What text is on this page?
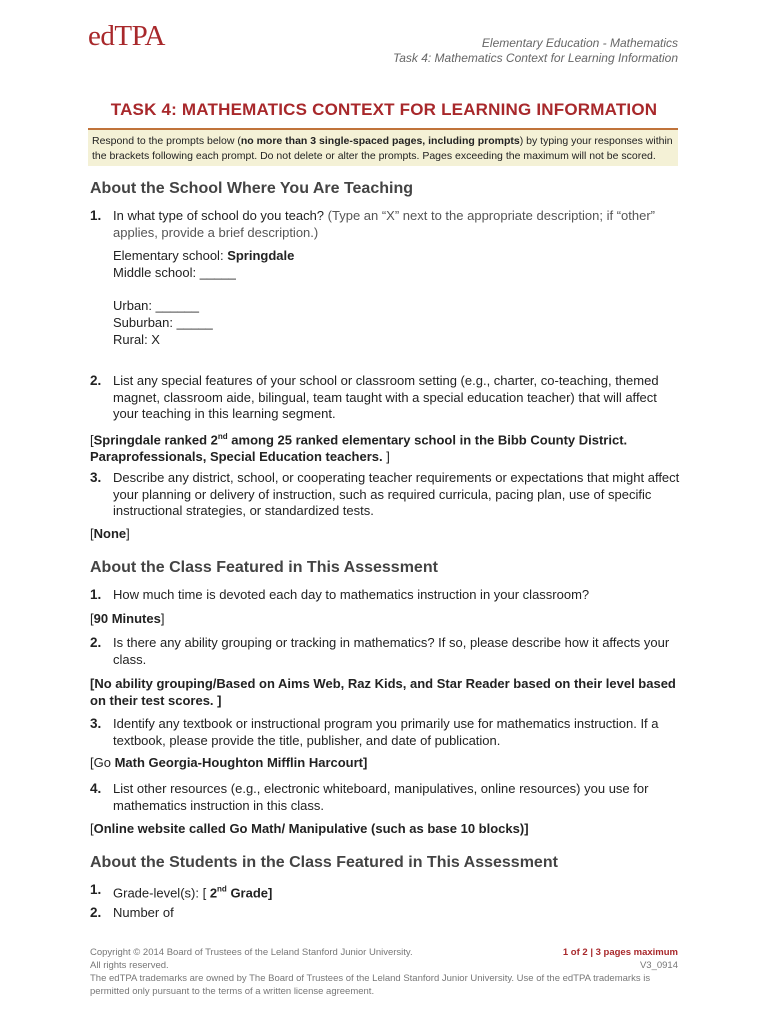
edTPA	Elementary Education - Mathematics
Task 4: Mathematics Context for Learning Information
TASK 4: MATHEMATICS CONTEXT FOR LEARNING INFORMATION
Respond to the prompts below (no more than 3 single-spaced pages, including prompts) by typing your responses within the brackets following each prompt. Do not delete or alter the prompts. Pages exceeding the maximum will not be scored.
About the School Where You Are Teaching
1. In what type of school do you teach? (Type an “X” next to the appropriate description; if “other” applies, provide a brief description.)
Elementary school: Springdale
Middle school: _____
Urban: ______
Suburban: _____
Rural: X
2. List any special features of your school or classroom setting (e.g., charter, co-teaching, themed magnet, classroom aide, bilingual, team taught with a special education teacher) that will affect your teaching in this learning segment.
[Springdale ranked 2nd among 25 ranked elementary school in the Bibb County District. Paraprofessionals, Special Education teachers. ]
3. Describe any district, school, or cooperating teacher requirements or expectations that might affect your planning or delivery of instruction, such as required curricula, pacing plan, use of specific instructional strategies, or standardized tests.
[None]
About the Class Featured in This Assessment
1. How much time is devoted each day to mathematics instruction in your classroom?
[90 Minutes]
2. Is there any ability grouping or tracking in mathematics? If so, please describe how it affects your class.
[No ability grouping/Based on Aims Web, Raz Kids, and Star Reader based on their level based on their test scores. ]
3. Identify any textbook or instructional program you primarily use for mathematics instruction. If a textbook, please provide the title, publisher, and date of publication.
[Go Math Georgia-Houghton Mifflin Harcourt]
4. List other resources (e.g., electronic whiteboard, manipulatives, online resources) you use for mathematics instruction in this class.
[Online website called Go Math/ Manipulative (such as base 10 blocks)]
About the Students in the Class Featured in This Assessment
1. Grade-level(s): [ 2nd Grade]
2. Number of
Copyright © 2014 Board of Trustees of the Leland Stanford Junior University.
All rights reserved.
The edTPA trademarks are owned by The Board of Trustees of the Leland Stanford Junior University. Use of the edTPA trademarks is permitted only pursuant to the terms of a written license agreement.
1 of 2 | 3 pages maximum
V3_0914
